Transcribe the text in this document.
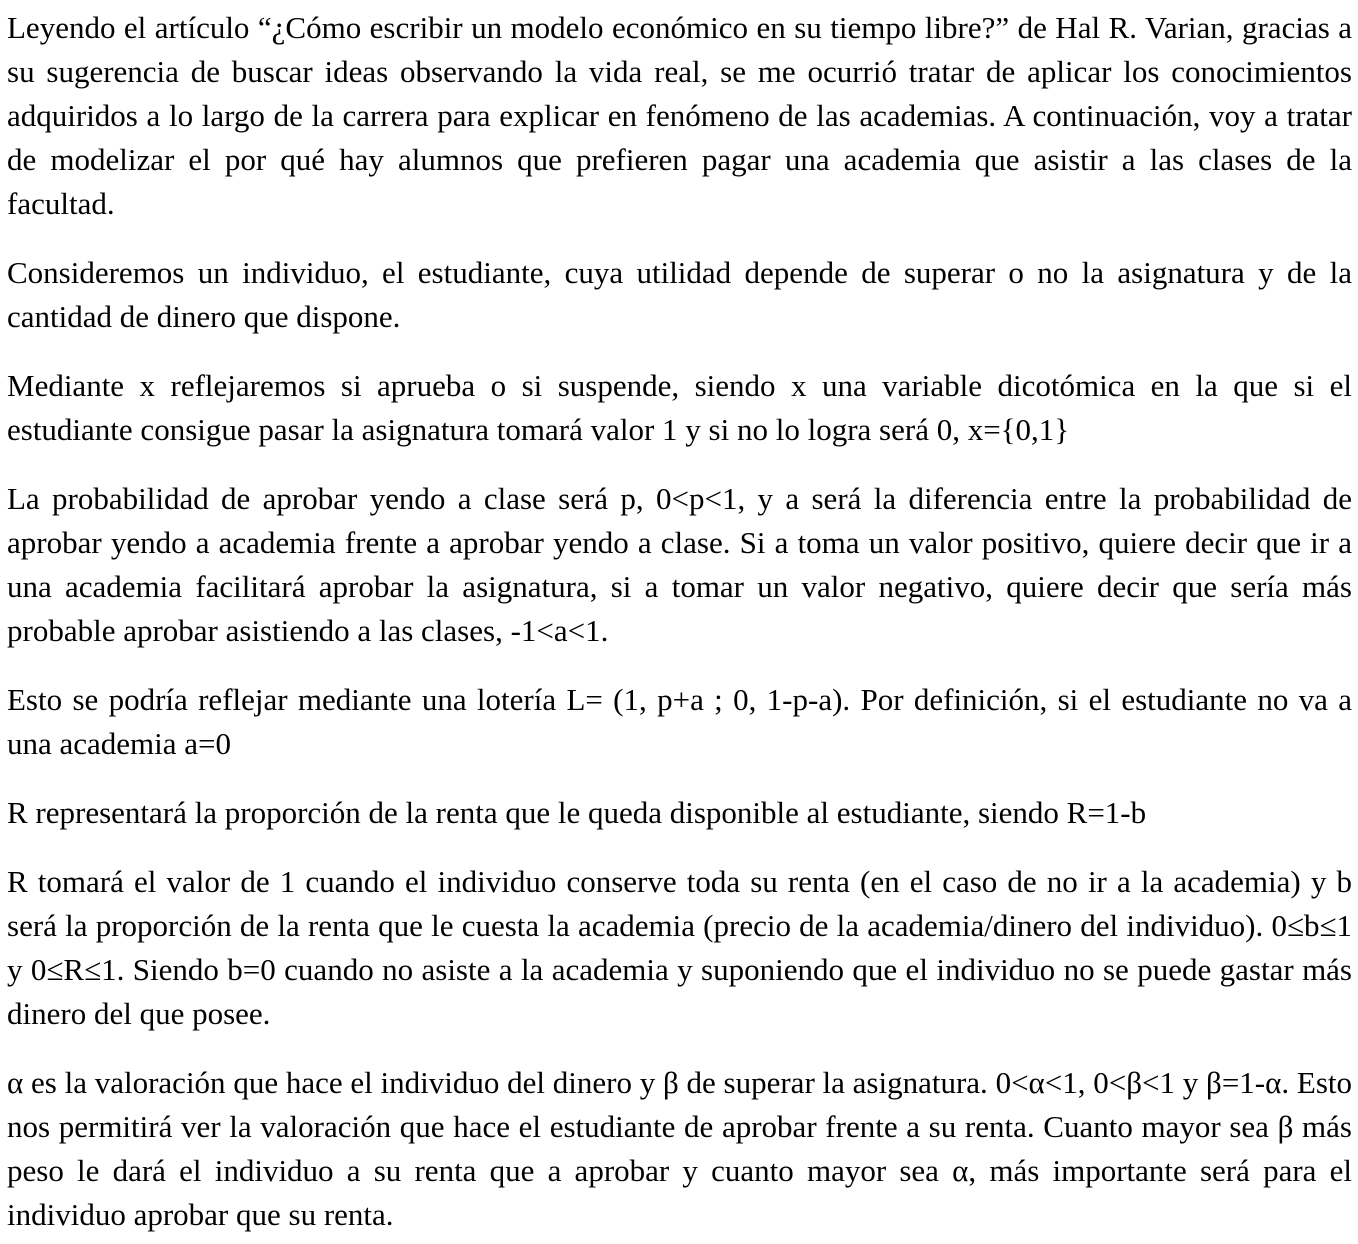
Leyendo el artículo “¿Cómo escribir un modelo económico en su tiempo libre?” de Hal R. Varian, gracias a su sugerencia de buscar ideas observando la vida real, se me ocurrió tratar de aplicar los conocimientos adquiridos a lo largo de la carrera para explicar en fenómeno de las academias. A continuación, voy a tratar de modelizar el por qué hay alumnos que prefieren pagar una academia que asistir a las clases de la facultad.

Consideremos un individuo, el estudiante, cuya utilidad depende de superar o no la asignatura y de la cantidad de dinero que dispone.

Mediante x reflejaremos si aprueba o si suspende, siendo x una variable dicotómica en la que si el estudiante consigue pasar la asignatura tomará valor 1 y si no lo logra será 0, x={0,1}

La probabilidad de aprobar yendo a clase será p, 0<p<1, y a será la diferencia entre la probabilidad de aprobar yendo a academia frente a aprobar yendo a clase. Si a toma un valor positivo, quiere decir que ir a una academia facilitará aprobar la asignatura, si a tomar un valor negativo, quiere decir que sería más probable aprobar asistiendo a las clases, -1<a<1.

Esto se podría reflejar mediante una lotería L= (1, p+a ; 0, 1-p-a). Por definición, si el estudiante no va a una academia a=0

R representará la proporción de la renta que le queda disponible al estudiante, siendo R=1-b

R tomará el valor de 1 cuando el individuo conserve toda su renta (en el caso de no ir a la academia) y b será la proporción de la renta que le cuesta la academia (precio de la academia/dinero del individuo). 0≤b≤1 y 0≤R≤1. Siendo b=0 cuando no asiste a la academia y suponiendo que el individuo no se puede gastar más dinero del que posee.

α es la valoración que hace el individuo del dinero y β de superar la asignatura. 0<α<1, 0<β<1 y β=1-α. Esto nos permitirá ver la valoración que hace el estudiante de aprobar frente a su renta. Cuanto mayor sea β más peso le dará el individuo a su renta que a aprobar y cuanto mayor sea α, más importante será para el individuo aprobar que su renta.
